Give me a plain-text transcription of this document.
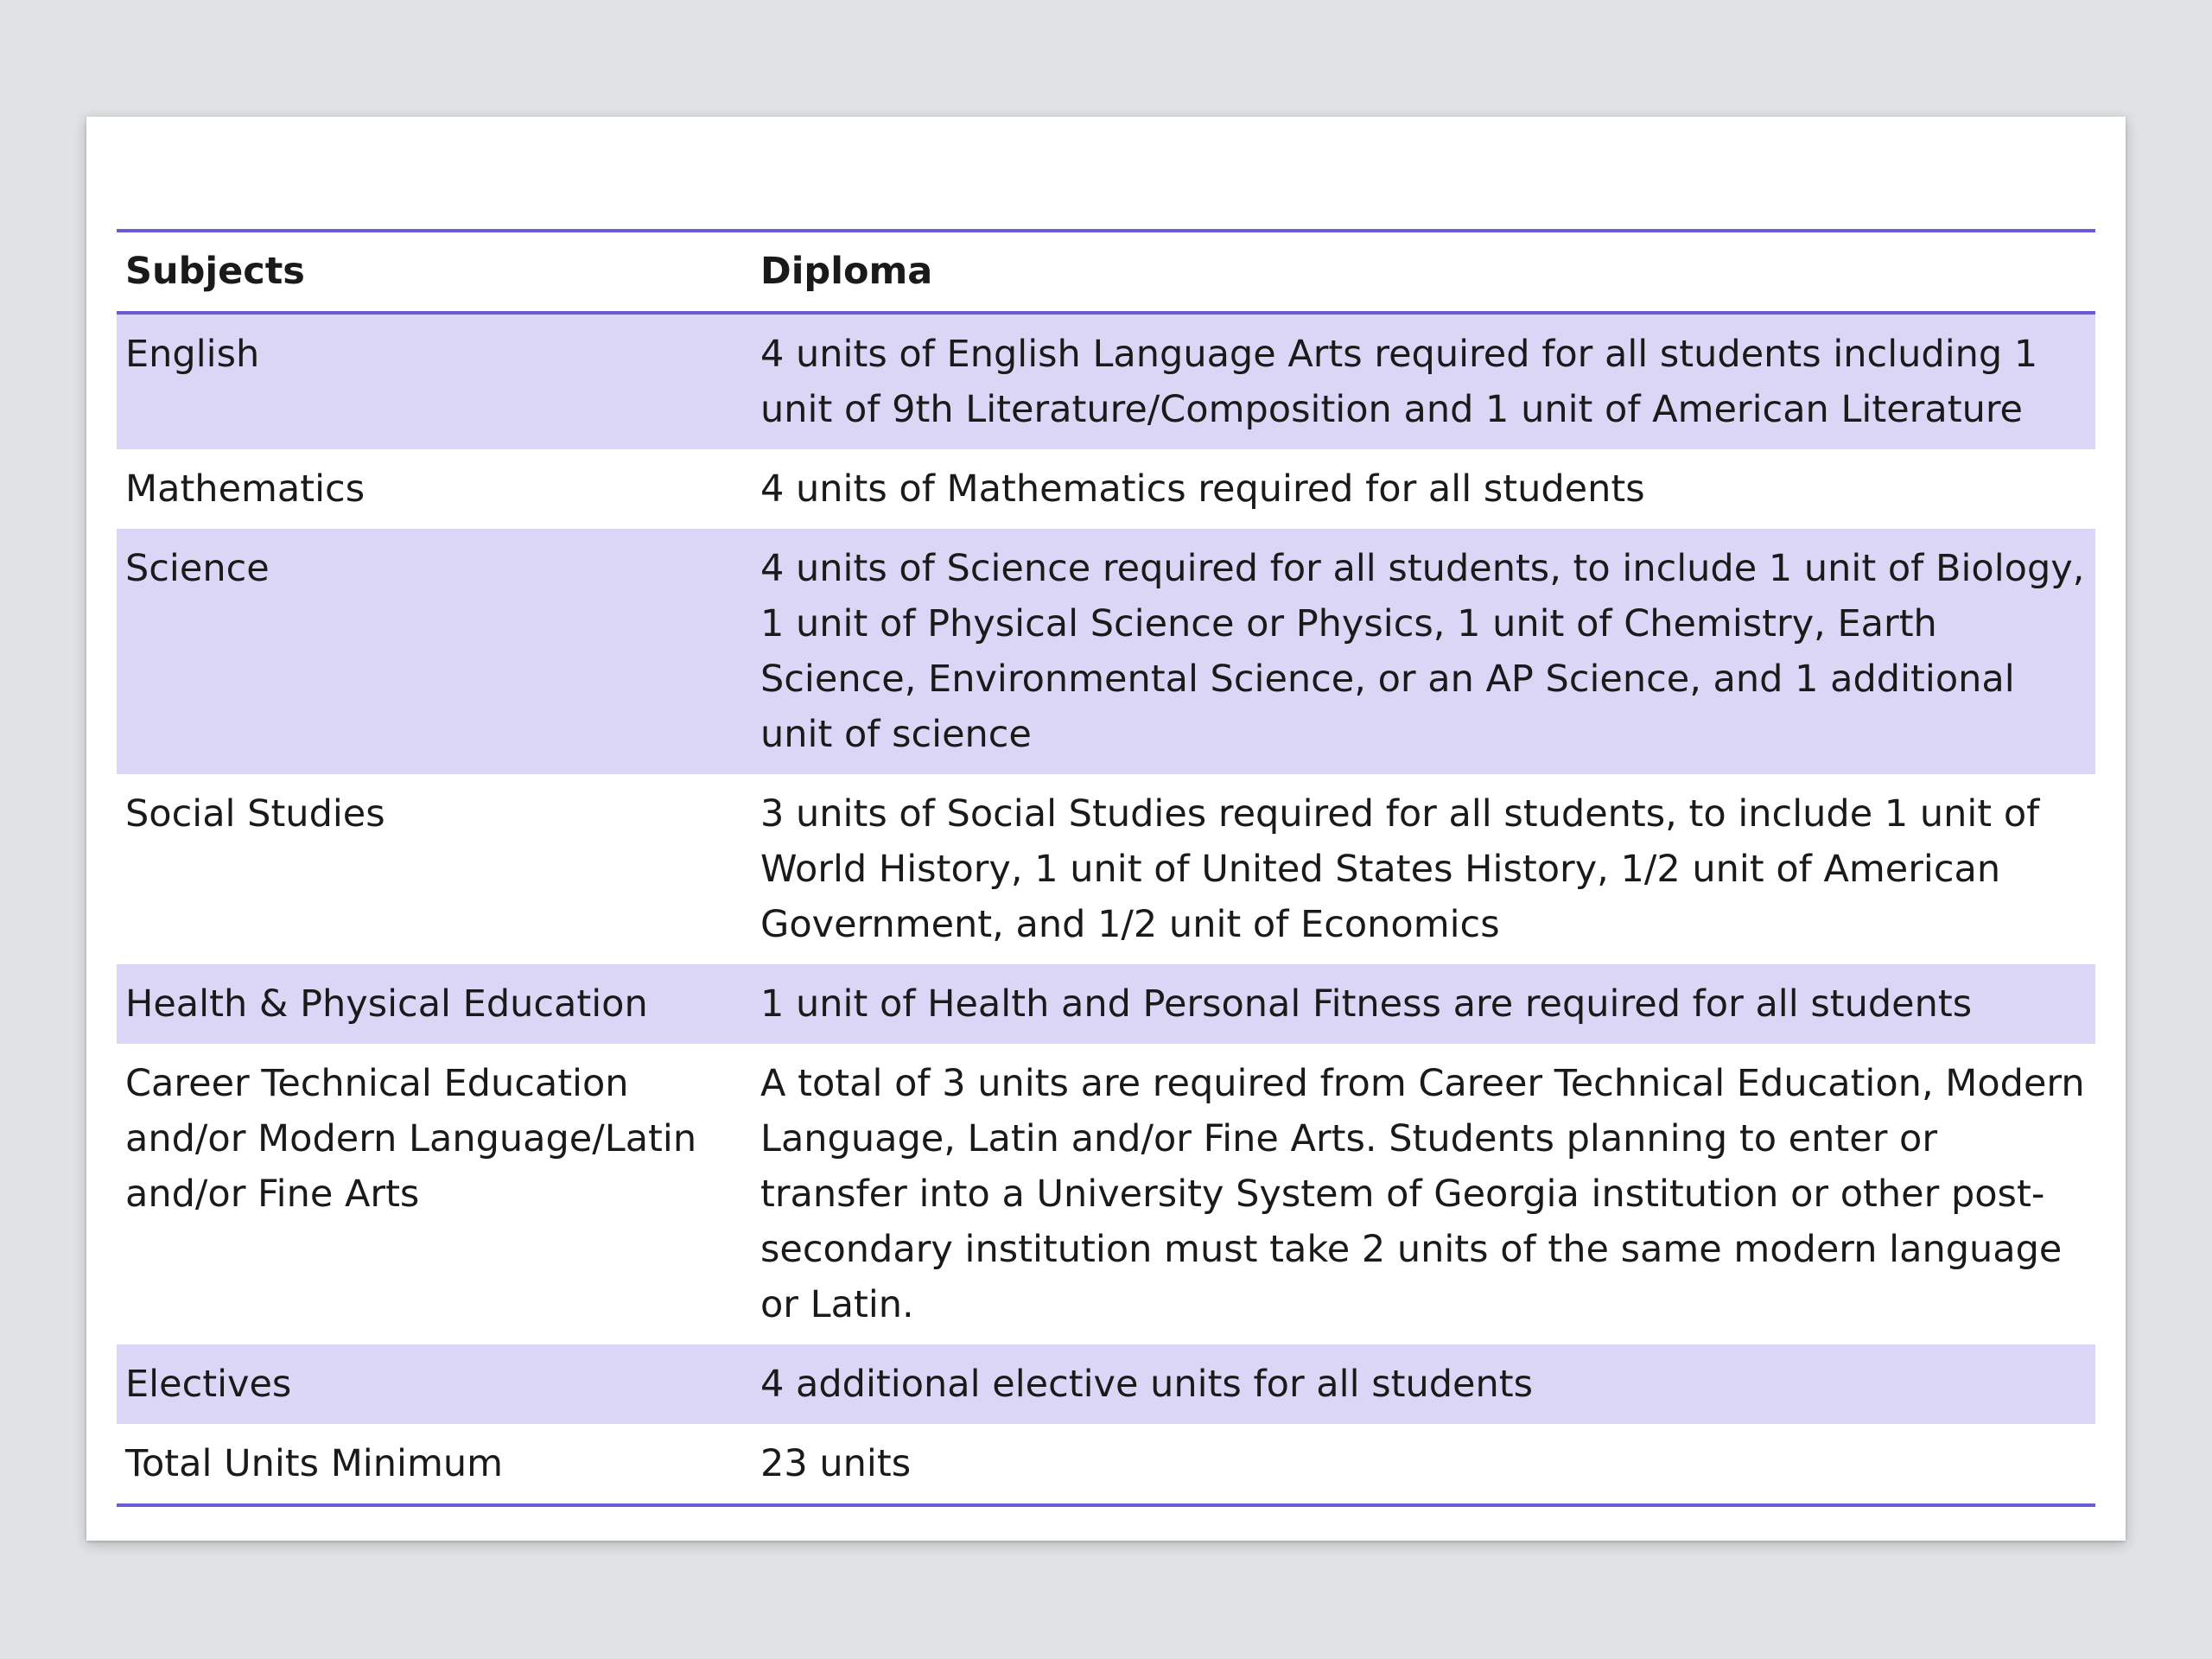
Subjects	Diploma
English	4 units of English Language Arts required for all students including 1 unit of 9th Literature/Composition and 1 unit of American Literature
Mathematics	4 units of Mathematics required for all students
Science	4 units of Science required for all students, to include 1 unit of Biology, 1 unit of Physical Science or Physics, 1 unit of Chemistry, Earth Science, Environmental Science, or an AP Science, and 1 additional unit of science
Social Studies	3 units of Social Studies required for all students, to include 1 unit of World History, 1 unit of United States History, 1/2 unit of American Government, and 1/2 unit of Economics
Health & Physical Education	1 unit of Health and Personal Fitness are required for all students
Career Technical Education and/or Modern Language/Latin and/or Fine Arts	A total of 3 units are required from Career Technical Education, Modern Language, Latin and/or Fine Arts. Students planning to enter or transfer into a University System of Georgia institution or other post-secondary institution must take 2 units of the same modern language or Latin.
Electives	4 additional elective units for all students
Total Units Minimum	23 units
